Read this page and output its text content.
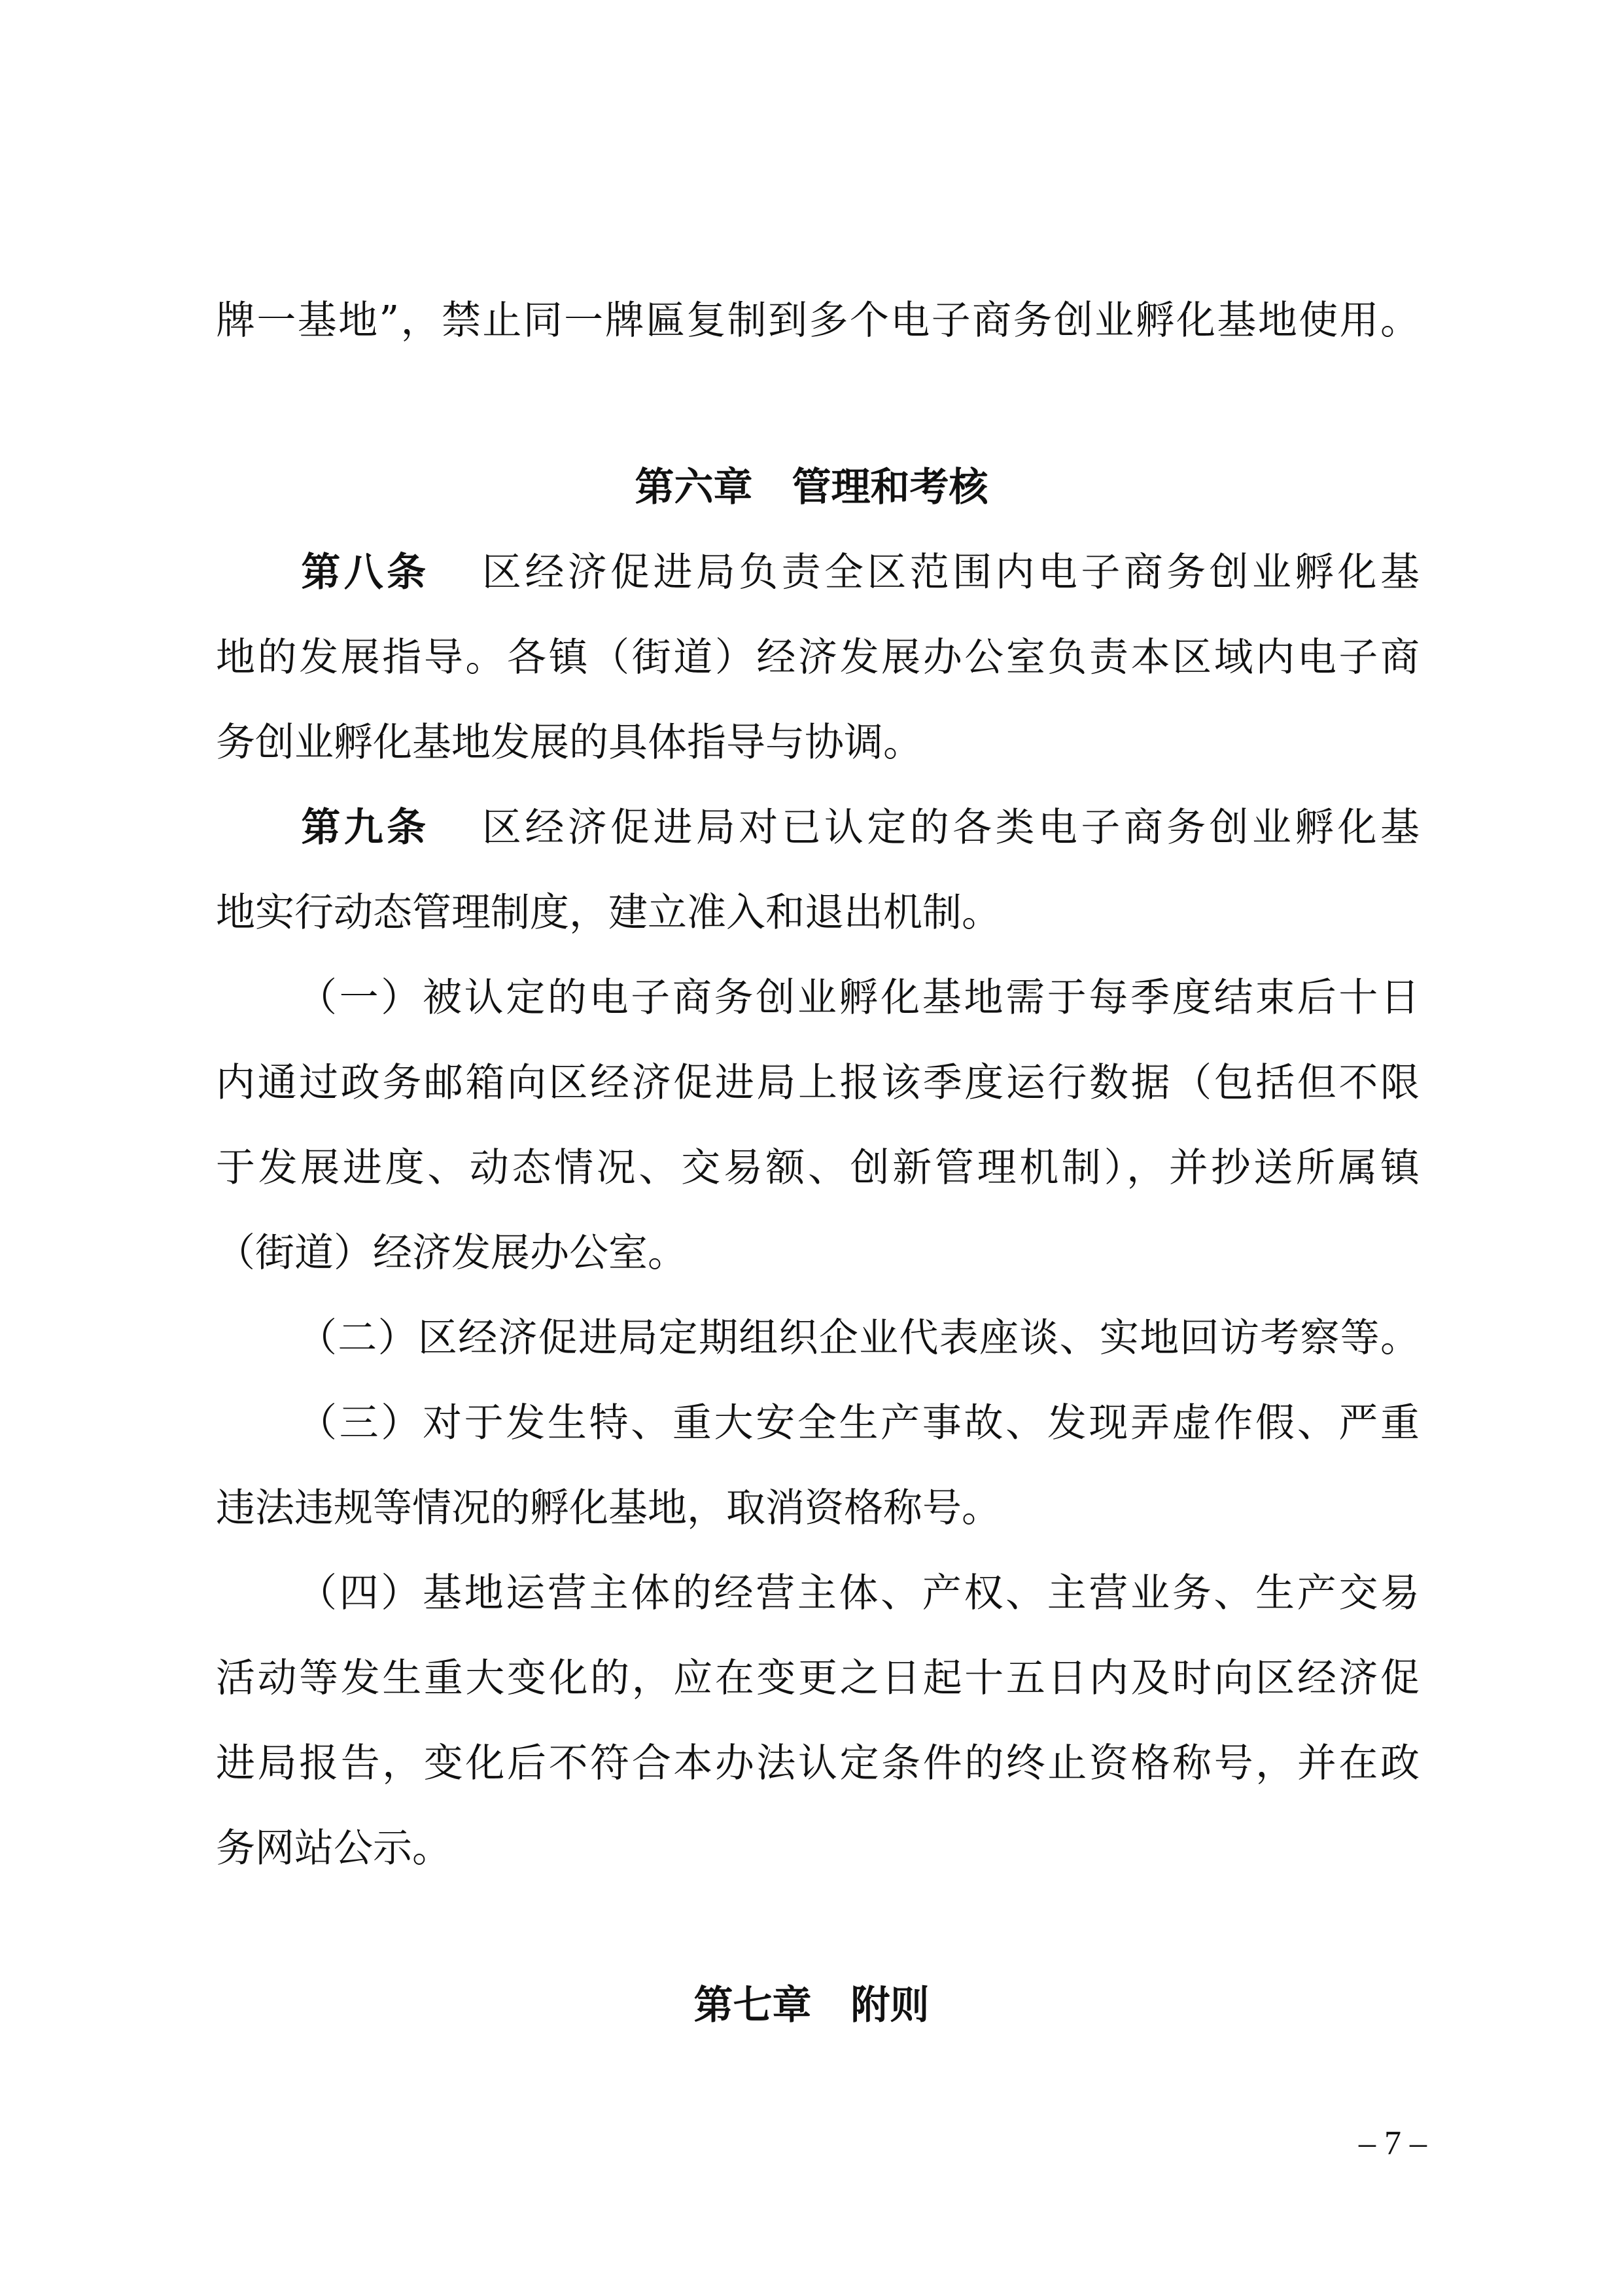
牌一基地”，禁止同一牌匾复制到多个电子商务创业孵化基地使用。
第六章　管理和考核
第八条 区经济促进局负责全区范围内电子商务创业孵化基
地的发展指导。各镇（街道）经济发展办公室负责本区域内电子商
务创业孵化基地发展的具体指导与协调。
第九条 区经济促进局对已认定的各类电子商务创业孵化基
地实行动态管理制度，建立准入和退出机制。
（一）被认定的电子商务创业孵化基地需于每季度结束后十日
内通过政务邮箱向区经济促进局上报该季度运行数据（包括但不限
于发展进度、动态情况、交易额、创新管理机制），并抄送所属镇
（街道）经济发展办公室。
（二）区经济促进局定期组织企业代表座谈、实地回访考察等。
（三）对于发生特、重大安全生产事故、发现弄虚作假、严重
违法违规等情况的孵化基地，取消资格称号。
（四）基地运营主体的经营主体、产权、主营业务、生产交易
活动等发生重大变化的，应在变更之日起十五日内及时向区经济促
进局报告，变化后不符合本办法认定条件的终止资格称号，并在政
务网站公示。
第七章　附则
– 7 –
